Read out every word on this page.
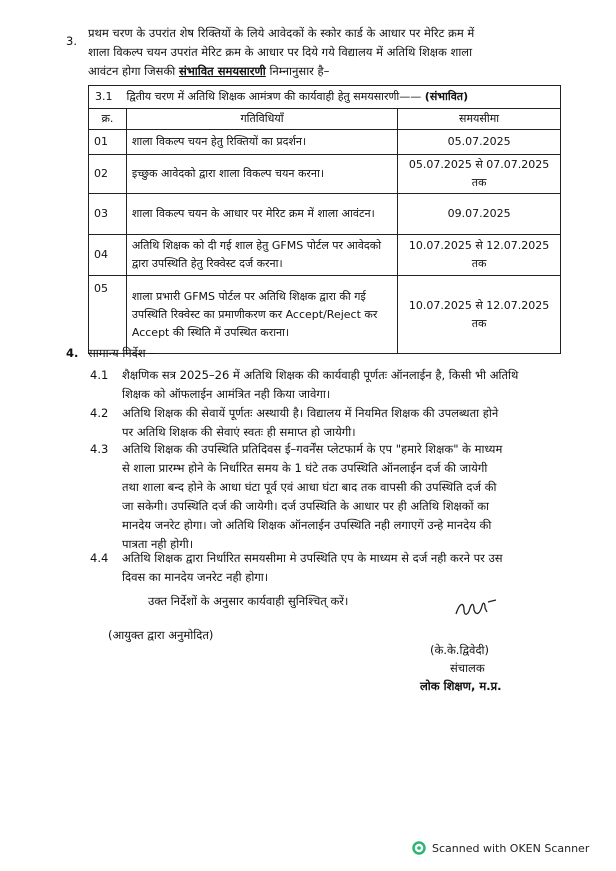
3.
प्रथम चरण के उपरांत शेष रिक्तियों के लिये आवेदकों के स्कोर कार्ड के आधार पर मेरिट क्रम में
शाला विकल्प चयन उपरांत मेरिट क्रम के आधार पर दिये गये विद्यालय में अतिथि शिक्षक शाला
आवंटन होगा जिसकी संभावित समयसारणी निम्नानुसार है–
3.1 द्वितीय चरण में अतिथि शिक्षक आमंत्रण की कार्यवाही हेतु समयसारणी—— (संभावित)		
क्र.	गतिविधियाँ	समयसीमा
01	शाला विकल्प चयन हेतु रिक्तियों का प्रदर्शन।	05.07.2025
02	इच्छुक आवेदको द्वारा शाला विकल्प चयन करना।	05.07.2025 से 07.07.2025 तक
03	शाला विकल्प चयन के आधार पर मेरिट क्रम में शाला आवंटन।	09.07.2025
04	अतिथि शिक्षक को दी गई शाल हेतु GFMS पोर्टल पर आवेदको द्वारा उपस्थिति हेतु रिक्वेस्ट दर्ज करना।	10.07.2025 से 12.07.2025 तक
05	शाला प्रभारी GFMS पोर्टल पर अतिथि शिक्षक द्वारा की गई उपस्थिति रिक्वेस्ट का प्रमाणीकरण कर Accept/Reject कर Accept की स्थिति में उपस्थित कराना।	10.07.2025 से 12.07.2025 तक
4. सामान्य निर्देश –
4.1 शैक्षणिक सत्र 2025–26 में अतिथि शिक्षक की कार्यवाही पूर्णतः ऑनलाईन है, किसी भी अतिथि
शिक्षक को ऑफलाईन आमंत्रित नही किया जावेगा।
4.2 अतिथि शिक्षक की सेवायें पूर्णतः अस्थायी है। विद्यालय में नियमित शिक्षक की उपलब्धता होने
पर अतिथि शिक्षक की सेवाएं स्वतः ही समाप्त हो जायेगी।
4.3 अतिथि शिक्षक की उपस्थिति प्रतिदिवस ई–गवर्नेंस प्लेटफार्म के एप "हमारे शिक्षक" के माध्यम
से शाला प्रारम्भ होने के निर्धारित समय के 1 घंटे तक उपस्थिति ऑनलाईन दर्ज की जायेगी
तथा शाला बन्द होने के आधा घंटा पूर्व एवं आधा घंटा बाद तक वापसी की उपस्थिति दर्ज की
जा सकेगी। उपस्थिति दर्ज की जायेगी। दर्ज उपस्थिति के आधार पर ही अतिथि शिक्षकों का
मानदेय जनरेट होगा। जो अतिथि शिक्षक ऑनलाईन उपस्थिति नही लगाएगें उन्हे मानदेय की
पात्रता नही होगी।
4.4 अतिथि शिक्षक द्वारा निर्धारित समयसीमा मे उपस्थिति एप के माध्यम से दर्ज नही करने पर उस
दिवस का मानदेय जनरेट नही होगा।
उक्त निर्देशों के अनुसार कार्यवाही सुनिश्चित् करें।
(आयुक्त द्वारा अनुमोदित)
(के.के.द्विवेदी)
संचालक
लोक शिक्षण, म.प्र.
Scanned with OKEN Scanner
